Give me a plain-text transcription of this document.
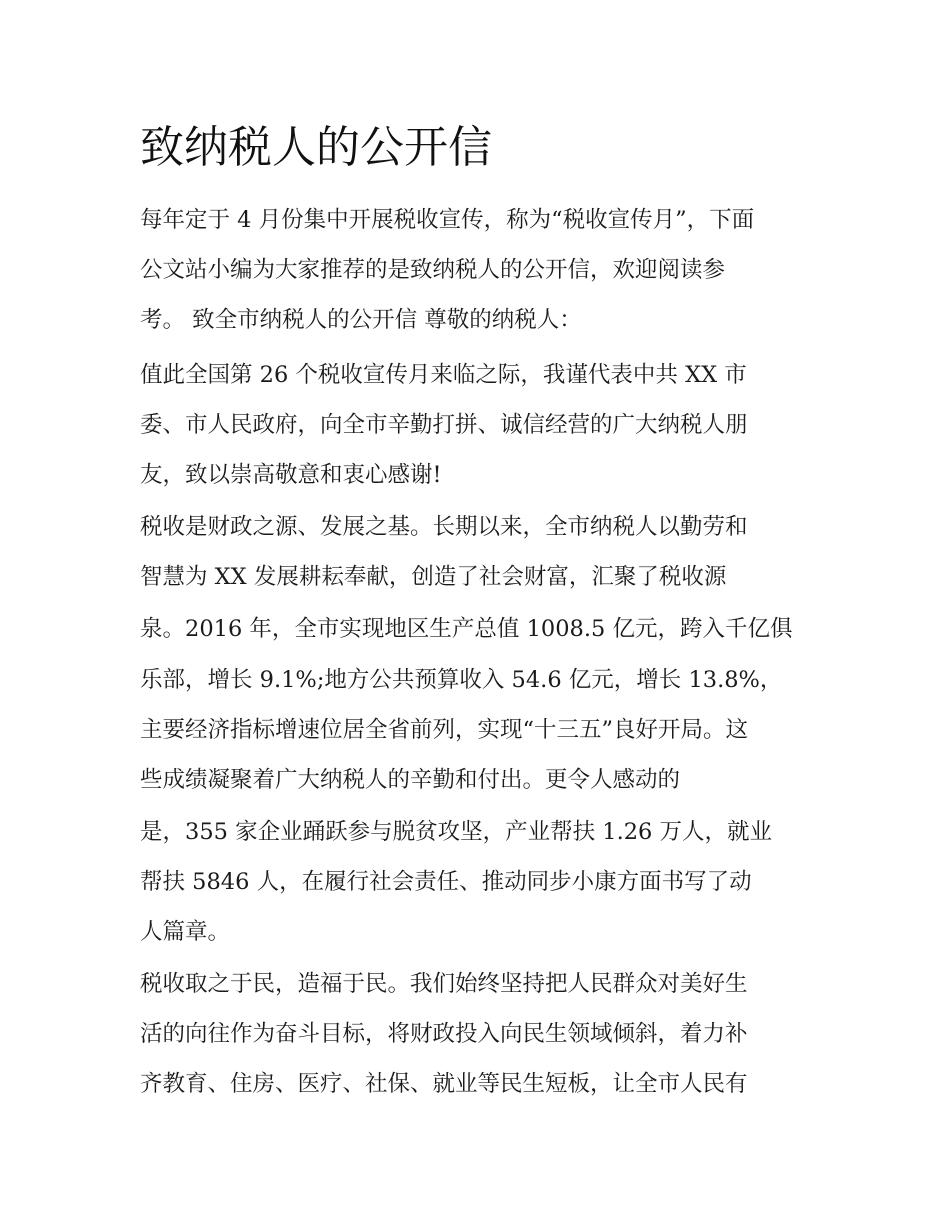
致纳税人的公开信
每年定于 4 月份集中开展税收宣传，称为“税收宣传月”，下面
公文站小编为大家推荐的是致纳税人的公开信，欢迎阅读参
考。 致全市纳税人的公开信 尊敬的纳税人：
值此全国第 26 个税收宣传月来临之际，我谨代表中共 XX 市
委、市人民政府，向全市辛勤打拼、诚信经营的广大纳税人朋
友，致以崇高敬意和衷心感谢!
税收是财政之源、发展之基。长期以来，全市纳税人以勤劳和
智慧为 XX 发展耕耘奉献，创造了社会财富，汇聚了税收源
泉。2016 年，全市实现地区生产总值 1008.5 亿元，跨入千亿俱
乐部，增长 9.1%;地方公共预算收入 54.6 亿元，增长 13.8%，
主要经济指标增速位居全省前列，实现“十三五”良好开局。这
些成绩凝聚着广大纳税人的辛勤和付出。更令人感动的
是，355 家企业踊跃参与脱贫攻坚，产业帮扶 1.26 万人，就业
帮扶 5846 人，在履行社会责任、推动同步小康方面书写了动
人篇章。
税收取之于民，造福于民。我们始终坚持把人民群众对美好生
活的向往作为奋斗目标，将财政投入向民生领域倾斜，着力补
齐教育、住房、医疗、社保、就业等民生短板，让全市人民有
